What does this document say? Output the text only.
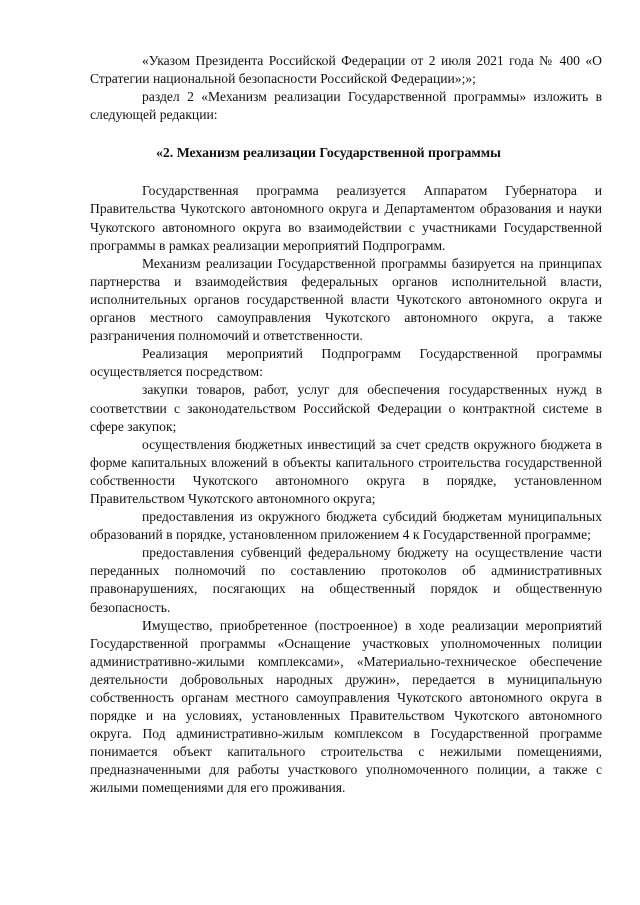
«Указом Президента Российской Федерации от 2 июля 2021 года № 400 «О Стратегии национальной безопасности Российской Федерации»;»;

раздел 2 «Механизм реализации Государственной программы» изложить в следующей редакции:

«2. Механизм реализации Государственной программы

Государственная программа реализуется Аппаратом Губернатора и Правительства Чукотского автономного округа и Департаментом образования и науки Чукотского автономного округа во взаимодействии с участниками Государственной программы в рамках реализации мероприятий Подпрограмм.

Механизм реализации Государственной программы базируется на принципах партнерства и взаимодействия федеральных органов исполнительной власти, исполнительных органов государственной власти Чукотского автономного округа и органов местного самоуправления Чукотского автономного округа, а также разграничения полномочий и ответственности.

Реализация мероприятий Подпрограмм Государственной программы осуществляется посредством:

закупки товаров, работ, услуг для обеспечения государственных нужд в соответствии с законодательством Российской Федерации о контрактной системе в сфере закупок;

осуществления бюджетных инвестиций за счет средств окружного бюджета в форме капитальных вложений в объекты капитального строительства государственной собственности Чукотского автономного округа в порядке, установленном Правительством Чукотского автономного округа;

предоставления из окружного бюджета субсидий бюджетам муниципальных образований в порядке, установленном приложением 4 к Государственной программе;

предоставления субвенций федеральному бюджету на осуществление части переданных полномочий по составлению протоколов об административных правонарушениях, посягающих на общественный порядок и общественную безопасность.

Имущество, приобретенное (построенное) в ходе реализации мероприятий Государственной программы «Оснащение участковых уполномоченных полиции административно-жилыми комплексами», «Материально-техническое обеспечение деятельности добровольных народных дружин», передается в муниципальную собственность органам местного самоуправления Чукотского автономного округа в порядке и на условиях, установленных Правительством Чукотского автономного округа. Под административно-жилым комплексом в Государственной программе понимается объект капитального строительства с нежилыми помещениями, предназначенными для работы участкового уполномоченного полиции, а также с жилыми помещениями для его проживания.
